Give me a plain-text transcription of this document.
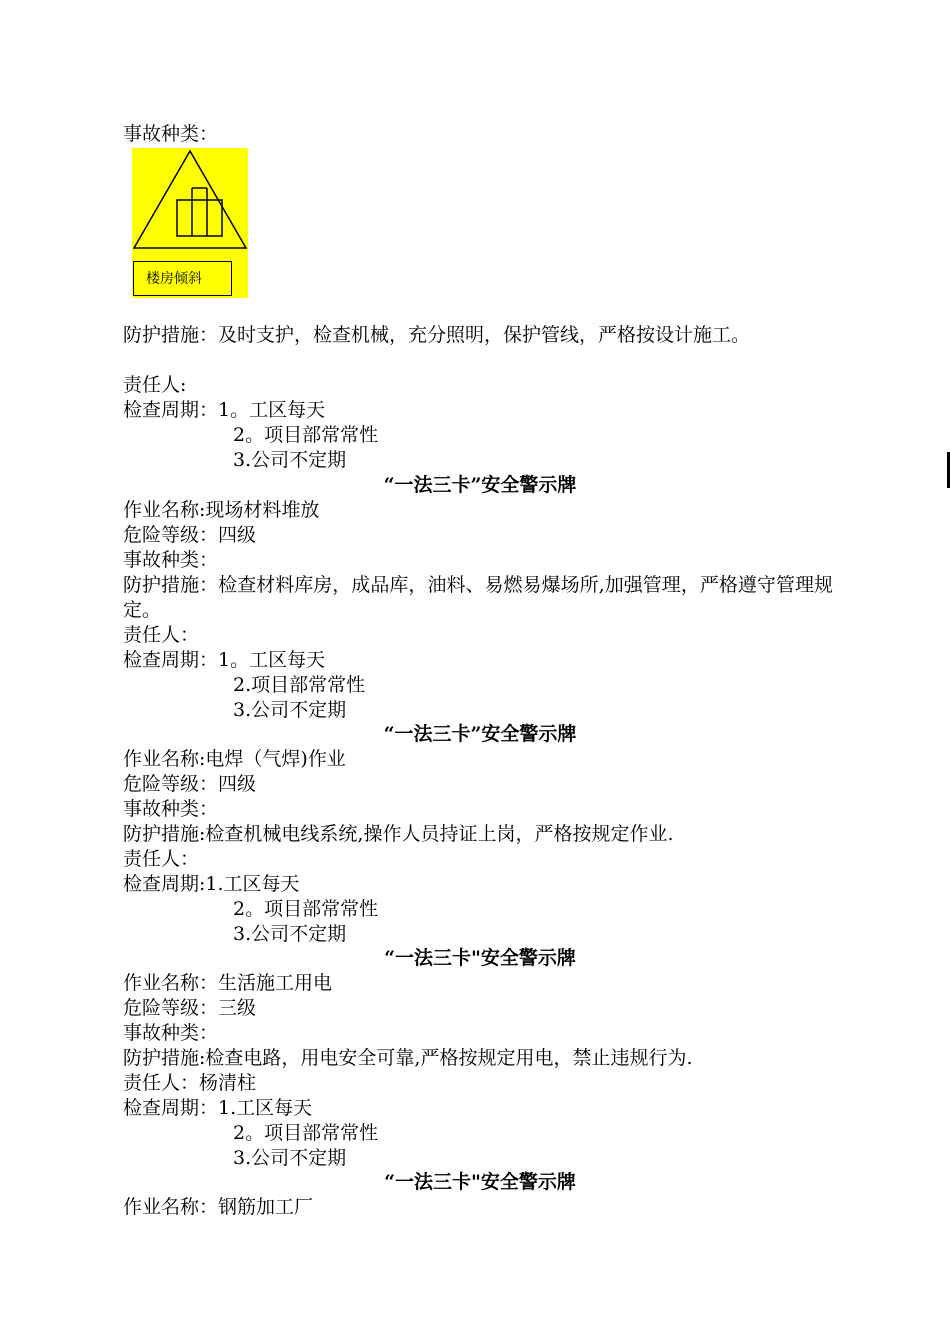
事故种类：
楼房倾斜
防护措施：及时支护，检查机械，充分照明，保护管线，严格按设计施工。
责任人:
检查周期：1。工区每天
2。项目部常常性
3.公司不定期
“一法三卡”安全警示牌
作业名称:现场材料堆放
危险等级：四级
事故种类：
防护措施：检查材料库房，成品库，油料、易燃易爆场所,加强管理，严格遵守管理规定。
责任人：
检查周期：1。工区每天
2.项目部常常性
3.公司不定期
“一法三卡”安全警示牌
作业名称:电焊（气焊)作业
危险等级：四级
事故种类：
防护措施:检查机械电线系统,操作人员持证上岗，严格按规定作业.
责任人：
检查周期:1.工区每天
2。项目部常常性
3.公司不定期
“一法三卡"安全警示牌
作业名称：生活施工用电
危险等级：三级
事故种类：
防护措施:检查电路，用电安全可靠,严格按规定用电，禁止违规行为.
责任人：杨清柱
检查周期：1.工区每天
2。项目部常常性
3.公司不定期
“一法三卡"安全警示牌
作业名称：钢筋加工厂
